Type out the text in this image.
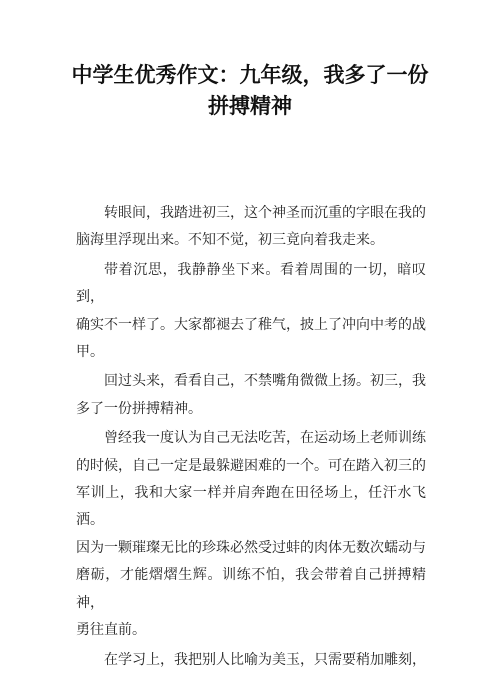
中学生优秀作文：九年级，我多了一份
拼搏精神
转眼间，我踏进初三，这个神圣而沉重的字眼在我的
脑海里浮现出来。不知不觉，初三竟向着我走来。
带着沉思，我静静坐下来。看着周围的一切，暗叹到，
确实不一样了。大家都褪去了稚气，披上了冲向中考的战
甲。
回过头来，看看自己，不禁嘴角微微上扬。初三，我
多了一份拼搏精神。
曾经我一度认为自己无法吃苦，在运动场上老师训练
的时候，自己一定是最躲避困难的一个。可在踏入初三的
军训上，我和大家一样并肩奔跑在田径场上，任汗水飞洒。
因为一颗璀璨无比的珍珠必然受过蚌的肉体无数次蠕动与
磨砺，才能熠熠生辉。训练不怕，我会带着自己拼搏精神，
勇往直前。
在学习上，我把别人比喻为美玉，只需要稍加雕刻，
